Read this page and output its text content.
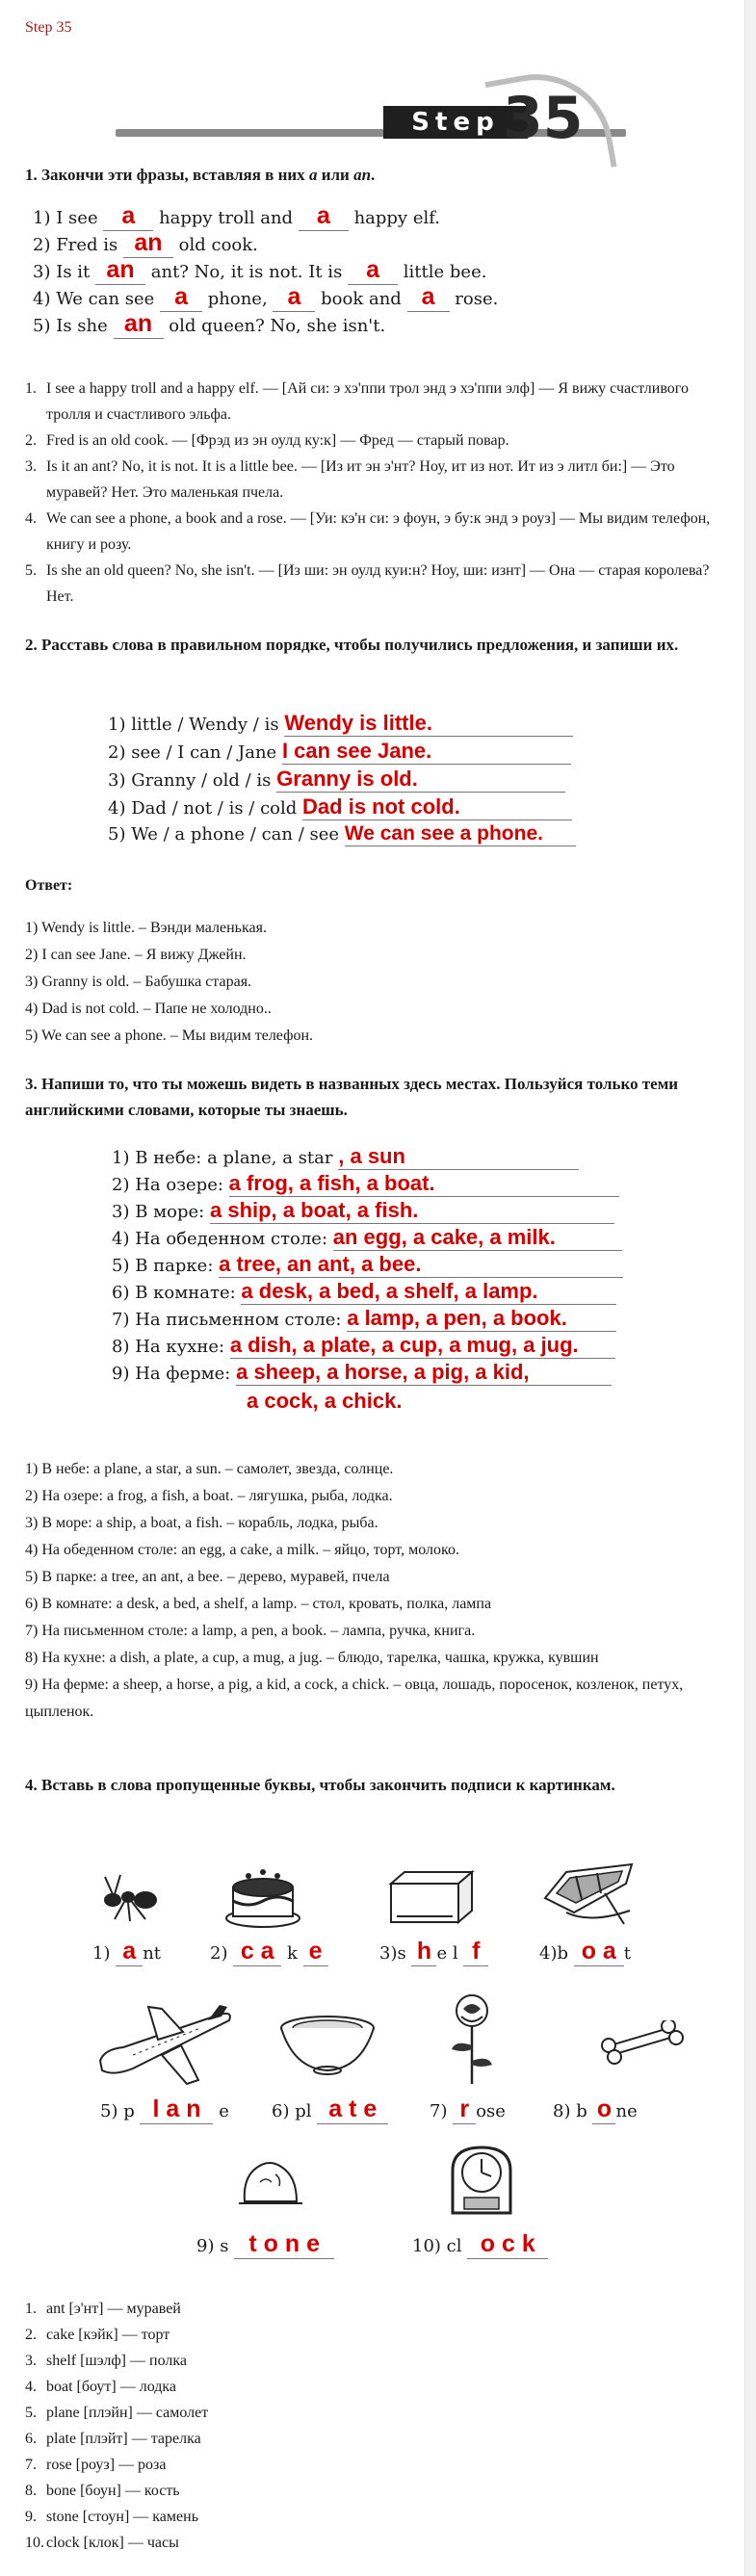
Step 35
Step 35
1. Закончи эти фразы, вставляя в них a или an.
1) I see a happy troll and a happy elf.
2) Fred is an old cook.
3) Is it an ant? No, it is not. It is a little bee.
4) We can see a phone, a book and a rose.
5) Is she an old queen? No, she isn't.
1. I see a happy troll and a happy elf. — [Ай си: э хэ'ппи трол энд э хэ'ппи элф] — Я вижу счастливого тролля и счастливого эльфа.
2. Fred is an old cook. — [Фрэд из эн оулд ку:к] — Фред — старый повар.
3. Is it an ant? No, it is not. It is a little bee. — [Из ит эн э'нт? Ноу, ит из нот. Ит из э литл би:] — Это муравей? Нет. Это маленькая пчела.
4. We can see a phone, a book and a rose. — [Уи: кэ'н си: э фоун, э бу:к энд э роуз] — Мы видим телефон, книгу и розу.
5. Is she an old queen? No, she isn't. — [Из ши: эн оулд куи:н? Ноу, ши: изнт] — Она — старая королева? Нет.
2. Расставь слова в правильном порядке, чтобы получились предложения, и запиши их.
1) little / Wendy / is Wendy is little.
2) see / I can / Jane I can see Jane.
3) Granny / old / is Granny is old.
4) Dad / not / is / cold Dad is not cold.
5) We / a phone / can / see We can see a phone.
Ответ:
1) Wendy is little. – Вэнди маленькая.
2) I can see Jane. – Я вижу Джейн.
3) Granny is old. – Бабушка старая.
4) Dad is not cold. – Папе не холодно..
5) We can see a phone. – Мы видим телефон.
3. Напиши то, что ты можешь видеть в названных здесь местах. Пользуйся только теми английскими словами, которые ты знаешь.
1) В небе: a plane, a star , a sun
2) На озере: a frog, a fish, a boat.
3) В море: a ship, a boat, a fish.
4) На обеденном столе: an egg, a cake, a milk.
5) В парке: a tree, an ant, a bee.
6) В комнате: a desk, a bed, a shelf, a lamp.
7) На письменном столе: a lamp, a pen, a book.
8) На кухне: a dish, a plate, a cup, a mug, a jug.
9) На ферме: a sheep, a horse, a pig, a kid,
a cock, a chick.
1) В небе: a plane, a star, a sun. – самолет, звезда, солнце.
2) На озере: a frog, a fish, a boat. – лягушка, рыба, лодка.
3) В море: a ship, a boat, a fish. – корабль, лодка, рыба.
4) На обеденном столе: an egg, a cake, a milk. – яйцо, торт, молоко.
5) В парке: a tree, an ant, a bee. – дерево, муравей, пчела
6) В комнате: a desk, a bed, a shelf, a lamp. – стол, кровать, полка, лампа
7) На письменном столе: a lamp, a pen, a book. – лампа, ручка, книга.
8) На кухне: a dish, a plate, a cup, a mug, a jug. – блюдо, тарелка, чашка, кружка, кувшин
9) На ферме: a sheep, a horse, a pig, a kid, a cock, a chick. – овца, лошадь, поросенок, козленок, петух, цыпленок.
4. Вставь в слова пропущенные буквы, чтобы закончить подписи к картинкам.
1) a nt	2) c a k e	3)s h e l f	4)b o a t
5) p l a n e 6) pl a t e	7) r ose	8) b o ne
9) s t o n e	10) cl o c k
1. ant [э'нт] — муравей
2. cake [кэйк] — торт
3. shelf [шэлф] — полка
4. boat [боут] — лодка
5. plane [плэйн] — самолет
6. plate [плэйт] — тарелка
7. rose [роуз] — роза
8. bone [боун] — кость
9. stone [стоун] — камень
10. clock [клок] — часы
